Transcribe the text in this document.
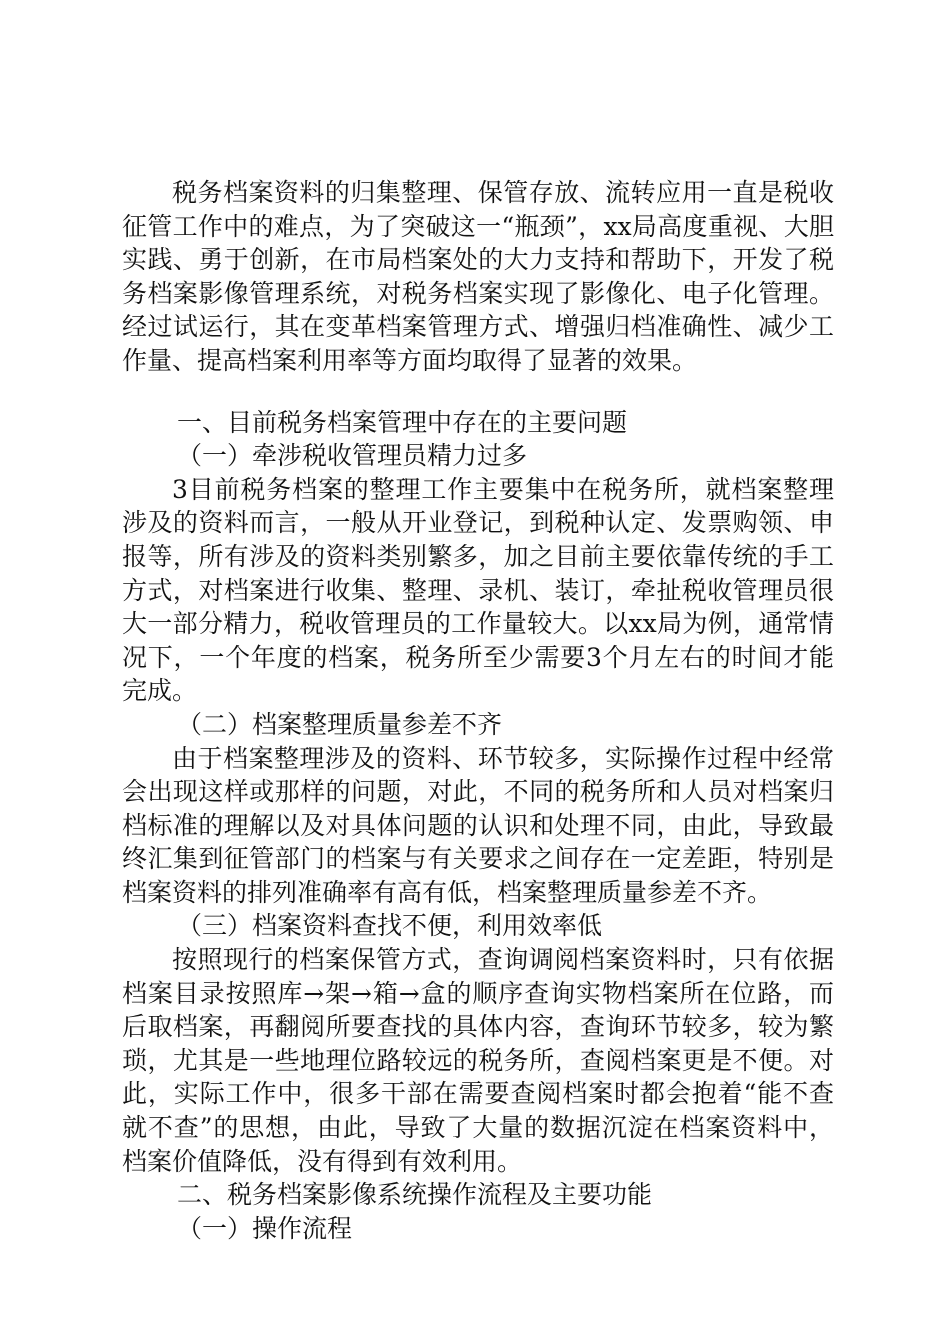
税务档案资料的归集整理、保管存放、流转应用一直是税收征管工作中的难点，为了突破这一“瓶颈”，xx局高度重视、大胆实践、勇于创新，在市局档案处的大力支持和帮助下，开发了税务档案影像管理系统，对税务档案实现了影像化、电子化管理。经过试运行，其在变革档案管理方式、增强归档准确性、减少工作量、提高档案利用率等方面均取得了显著的效果。

一、目前税务档案管理中存在的主要问题

（一）牵涉税收管理员精力过多

3目前税务档案的整理工作主要集中在税务所，就档案整理涉及的资料而言，一般从开业登记，到税种认定、发票购领、申报等，所有涉及的资料类别繁多，加之目前主要依靠传统的手工方式，对档案进行收集、整理、录机、装订，牵扯税收管理员很大一部分精力，税收管理员的工作量较大。以xx局为例，通常情况下，一个年度的档案，税务所至少需要3个月左右的时间才能完成。

（二）档案整理质量参差不齐

由于档案整理涉及的资料、环节较多，实际操作过程中经常会出现这样或那样的问题，对此，不同的税务所和人员对档案归档标准的理解以及对具体问题的认识和处理不同，由此，导致最终汇集到征管部门的档案与有关要求之间存在一定差距，特别是档案资料的排列准确率有高有低，档案整理质量参差不齐。

（三）档案资料查找不便，利用效率低

按照现行的档案保管方式，查询调阅档案资料时，只有依据档案目录按照库→架→箱→盒的顺序查询实物档案所在位路，而后取档案，再翻阅所要查找的具体内容，查询环节较多，较为繁琐，尤其是一些地理位路较远的税务所，查阅档案更是不便。对此，实际工作中，很多干部在需要查阅档案时都会抱着“能不查就不查”的思想，由此，导致了大量的数据沉淀在档案资料中，档案价值降低，没有得到有效利用。

二、税务档案影像系统操作流程及主要功能

（一）操作流程
